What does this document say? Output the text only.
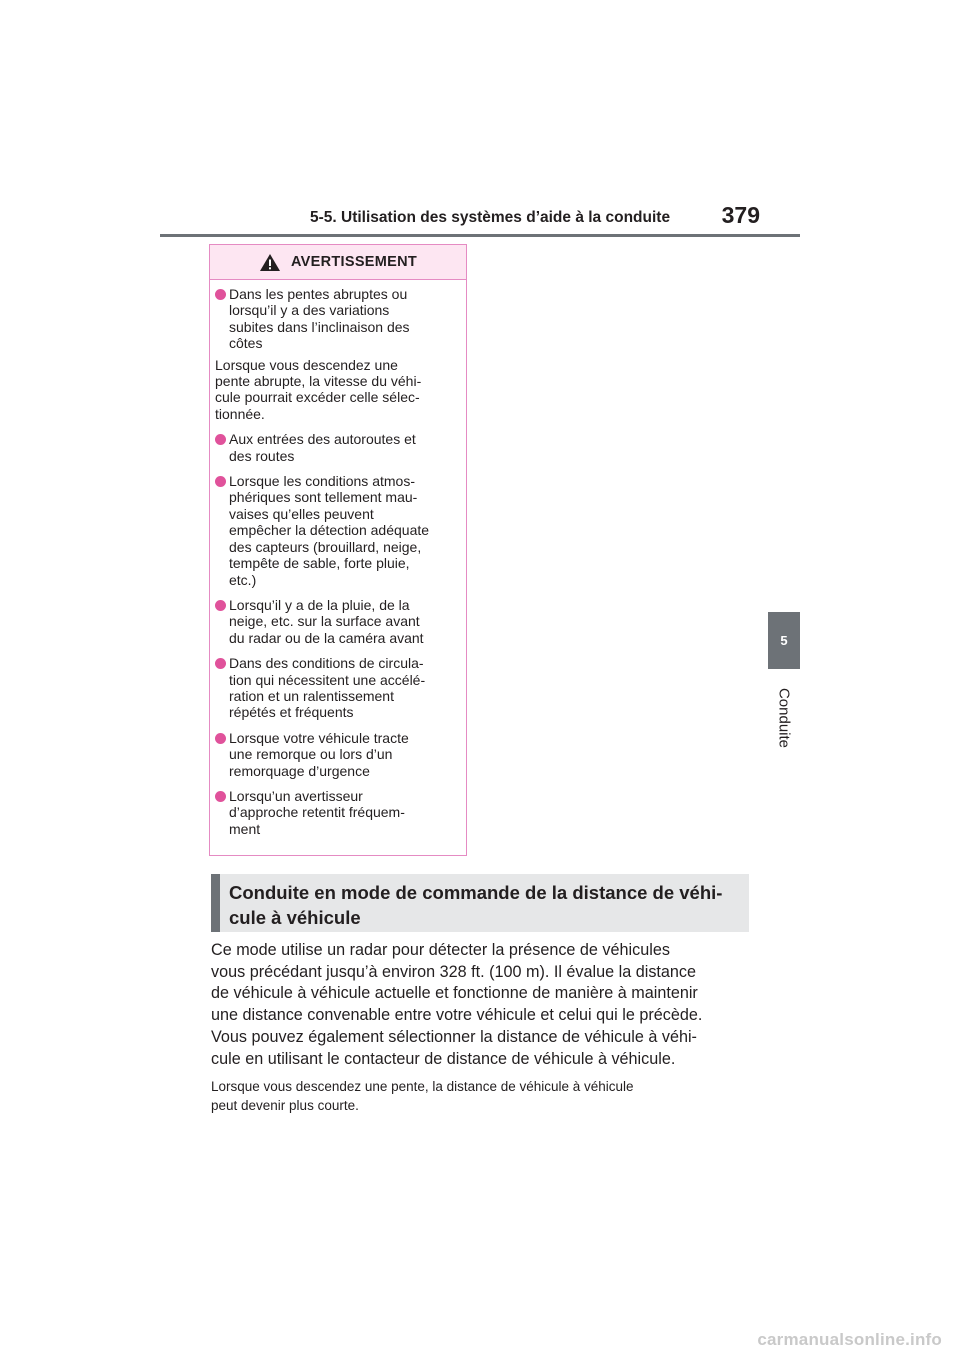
5-5. Utilisation des systèmes d’aide à la conduite 379
5
Conduite
AVERTISSEMENT
Dans les pentes abruptes ou
lorsqu’il y a des variations
subites dans l’inclinaison des
côtes
Lorsque vous descendez une
pente abrupte, la vitesse du véhi-
cule pourrait excéder celle sélec-
tionnée.
Aux entrées des autoroutes et
des routes
Lorsque les conditions atmos-
phériques sont tellement mau-
vaises qu’elles peuvent
empêcher la détection adéquate
des capteurs (brouillard, neige,
tempête de sable, forte pluie,
etc.)
Lorsqu’il y a de la pluie, de la
neige, etc. sur la surface avant
du radar ou de la caméra avant
Dans des conditions de circula-
tion qui nécessitent une accélé-
ration et un ralentissement
répétés et fréquents
Lorsque votre véhicule tracte
une remorque ou lors d’un
remorquage d’urgence
Lorsqu’un avertisseur
d’approche retentit fréquem-
ment
Conduite en mode de commande de la distance de véhi-
cule à véhicule
Ce mode utilise un radar pour détecter la présence de véhicules
vous précédant jusqu’à environ 328 ft. (100 m). Il évalue la distance
de véhicule à véhicule actuelle et fonctionne de manière à maintenir
une distance convenable entre votre véhicule et celui qui le précède.
Vous pouvez également sélectionner la distance de véhicule à véhi-
cule en utilisant le contacteur de distance de véhicule à véhicule.
Lorsque vous descendez une pente, la distance de véhicule à véhicule
peut devenir plus courte.
carmanualsonline.info
